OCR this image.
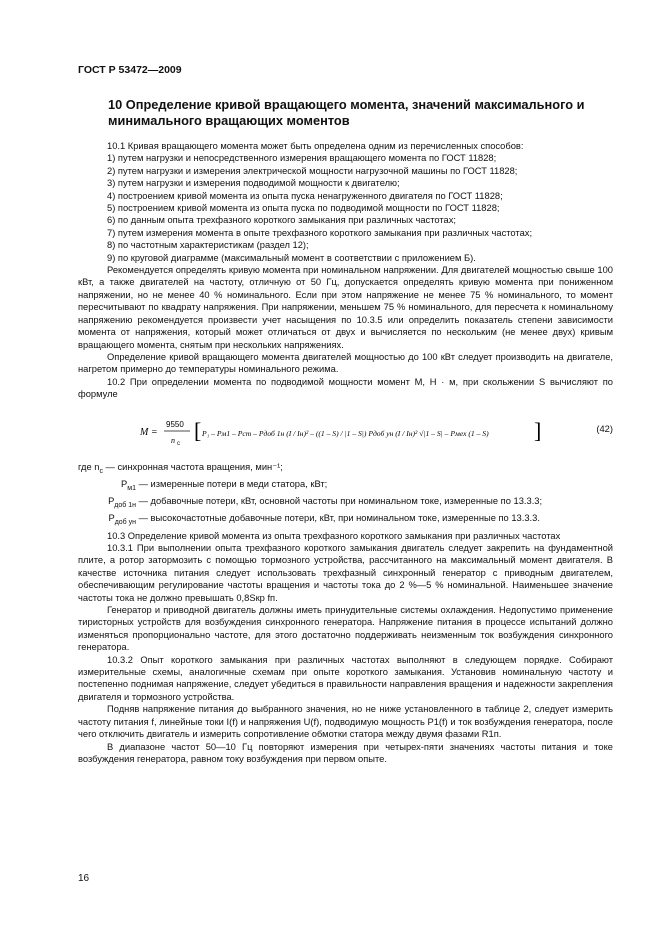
ГОСТ Р 53472—2009
10 Определение кривой вращающего момента, значений максимального и минимального вращающих моментов

10.1 Кривая вращающего момента может быть определена одним из перечисленных способов:

1) путем нагрузки и непосредственного измерения вращающего момента по ГОСТ 11828;

2) путем нагрузки и измерения электрической мощности нагрузочной машины по ГОСТ 11828;

3) путем нагрузки и измерения подводимой мощности к двигателю;

4) построением кривой момента из опыта пуска ненагруженного двигателя по ГОСТ 11828;

5) построением кривой момента из опыта пуска по подводимой мощности по ГОСТ 11828;

6) по данным опыта трехфазного короткого замыкания при различных частотах;

7) путем измерения момента в опыте трехфазного короткого замыкания при различных частотах;

8) по частотным характеристикам (раздел 12);

9) по круговой диаграмме (максимальный момент в соответствии с приложением Б).

Рекомендуется определять кривую момента при номинальном напряжении. Для двигателей мощностью свыше 100 кВт, а также двигателей на частоту, отличную от 50 Гц, допускается определять кривую момента при пониженном напряжении, но не менее 40 % номинального. Если при этом напряжение не менее 75 % номинального, то момент пересчитывают по квадрату напряжения. При напряжении, меньшем 75 % номинального, для пересчета к номинальному напряжению рекомендуется произвести учет насыщения по 10.3.5 или определить показатель степени зависимости момента от напряжения, который может отличаться от двух и вычисляется по нескольким (не менее двух) кривым вращающего момента, снятым при нескольких напряжениях.

Определение кривой вращающего момента двигателей мощностью до 100 кВт следует производить на двигателе, нагретом примерно до температуры номинального режима.

10.2 При определении момента по подводимой мощности момент M, Н · м, при скольжении S вычисляют по формуле

M =
9550
n c
[ P₁ – Pм1 – Pст – Pдоб 1н (I / Iн)² – ((1 – S) / |1 – S|) Pдоб ун (I / Iн)² √|1 – S| – Pмех (1 – S) ]	(42)

где $n_с$ — синхронная частота вращения, мин⁻¹;

$P_{м1}$ — измеренные потери в меди статора, кВт;

$P_{доб 1н}$ — добавочные потери, кВт, основной частоты при номинальном токе, измеренные по 13.3.3;

$P_{доб ун}$ — высокочастотные добавочные потери, кВт, при номинальном токе, измеренные по 13.3.3.

10.3 Определение кривой момента из опыта трехфазного короткого замыкания при различных частотах

10.3.1 При выполнении опыта трехфазного короткого замыкания двигатель следует закрепить на фундаментной плите, а ротор затормозить с помощью тормозного устройства, рассчитанного на максимальный момент двигателя. В качестве источника питания следует использовать трехфазный синхронный генератор с приводным двигателем, обеспечивающим регулирование частоты вращения и частоты тока до 2 %—5 % номинальной. Наименьшее значение частоты тока не должно превышать 0,8Sкр fп.

Генератор и приводной двигатель должны иметь принудительные системы охлаждения. Недопустимо применение тиристорных устройств для возбуждения синхронного генератора. Напряжение питания в процессе испытаний должно изменяться пропорционально частоте, для этого достаточно поддерживать неизменным ток возбуждения синхронного генератора.

10.3.2 Опыт короткого замыкания при различных частотах выполняют в следующем порядке. Собирают измерительные схемы, аналогичные схемам при опыте короткого замыкания. Установив номинальную частоту и постепенно поднимая напряжение, следует убедиться в правильности направления вращения и надежности закрепления двигателя и тормозного устройства.

Подняв напряжение питания до выбранного значения, но не ниже установленного в таблице 2, следует измерить частоту питания f, линейные токи I(f) и напряжения U(f), подводимую мощность P1(f) и ток возбуждения генератора, после чего отключить двигатель и измерить сопротивление обмотки статора между двумя фазами R1п.

В диапазоне частот 50—10 Гц повторяют измерения при четырех-пяти значениях частоты питания и токе возбуждения генератора, равном току возбуждения при первом опыте.

16
